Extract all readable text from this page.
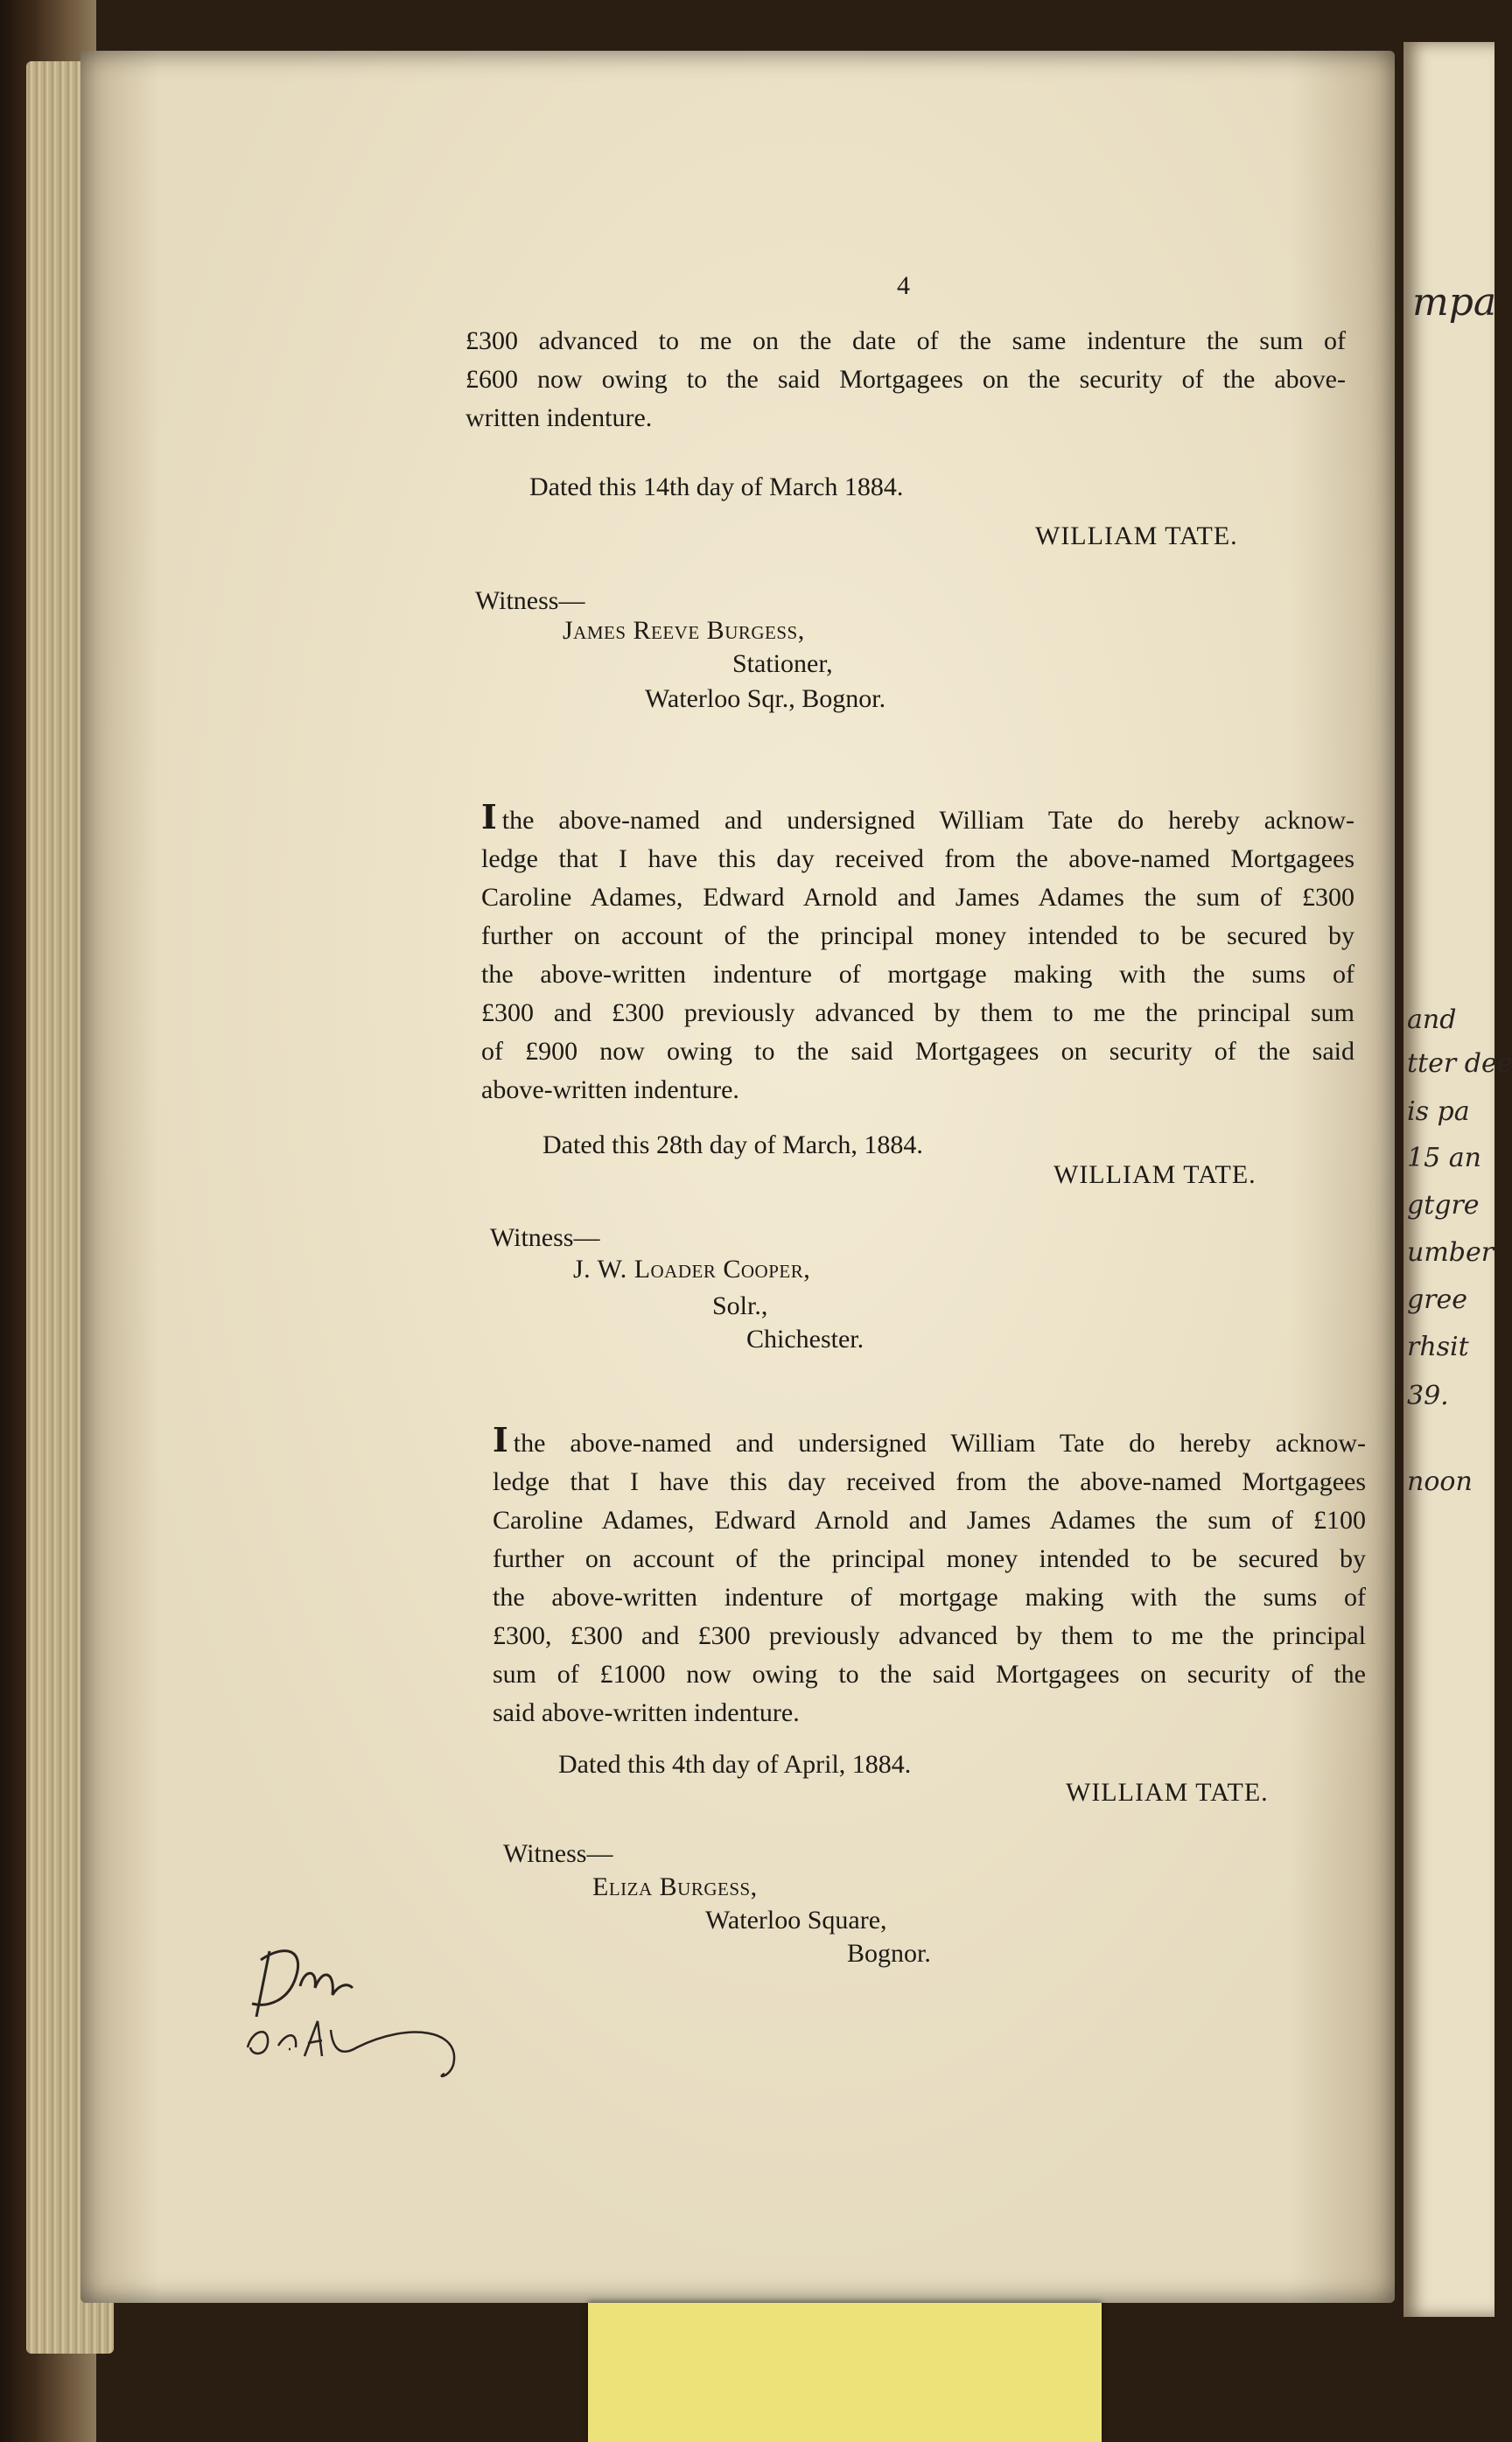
mpa
and
tter dee
is pa
15 an
gtgre
umber
gree
rhsit
39.
noon
4
£300 advanced to me on the date of the same indenture the sum of
£600 now owing to the said Mortgagees on the security of the above-
written indenture.
Dated this 14th day of March 1884.
WILLIAM TATE.
Witness—
James Reeve Burgess,
Stationer,
Waterloo Sqr., Bognor.
I the above-named and undersigned William Tate do hereby acknow-
ledge that I have this day received from the above-named Mortgagees
Caroline Adames, Edward Arnold and James Adames the sum of £300
further on account of the principal money intended to be secured by
the above-written indenture of mortgage making with the sums of
£300 and £300 previously advanced by them to me the principal sum
of £900 now owing to the said Mortgagees on security of the said
above-written indenture.
Dated this 28th day of March, 1884.
WILLIAM TATE.
Witness—
J. W. Loader Cooper,
Solr.,
Chichester.
I the above-named and undersigned William Tate do hereby acknow-
ledge that I have this day received from the above-named Mortgagees
Caroline Adames, Edward Arnold and James Adames the sum of £100
further on account of the principal money intended to be secured by
the above-written indenture of mortgage making with the sums of
£300, £300 and £300 previously advanced by them to me the principal
sum of £1000 now owing to the said Mortgagees on security of the
said above-written indenture.
Dated this 4th day of April, 1884.
WILLIAM TATE.
Witness—
Eliza Burgess,
Waterloo Square,
Bognor.
